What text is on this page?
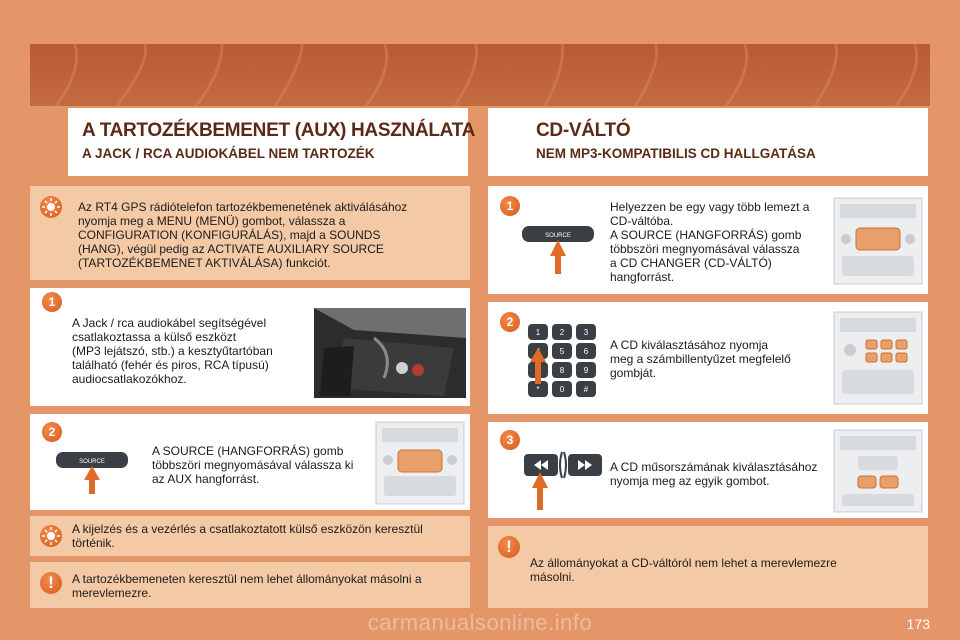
A TARTOZÉKBEMENET (AUX) HASZNÁLATA
A JACK / RCA AUDIOKÁBEL NEM TARTOZÉK
CD-VÁLTÓ
NEM MP3-KOMPATIBILIS CD HALLGATÁSA
Az RT4 GPS rádiótelefon tartozékbemenetének aktiválásához
nyomja meg a MENU (MENÜ) gombot, válassza a
CONFIGURATION (KONFIGURÁLÁS), majd a SOUNDS
(HANG), végül pedig az ACTIVATE AUXILIARY SOURCE
(TARTOZÉKBEMENET AKTIVÁLÁSA) funkciót.
1
A Jack / rca audiokábel segítségével
csatlakoztassa a külső eszközt
(MP3 lejátszó, stb.) a kesztyűtartóban
található (fehér és piros, RCA típusú)
audiocsatlakozókhoz.
2
SOURCE
A SOURCE (HANGFORRÁS) gomb
többszöri megnyomásával válassza ki
az AUX hangforrást.
A kijelzés és a vezérlés a csatlakoztatott külső eszközön keresztül
történik.
!	A tartozékbemeneten keresztül nem lehet állományokat másolni a
merevlemezre.
1
SOURCE
Helyezzen be egy vagy több lemezt a
CD-váltóba.
A SOURCE (HANGFORRÁS) gomb
többszöri megnyomásával válassza
a CD CHANGER (CD-VÁLTÓ)
hangforrást.
2
1 2 3
5 6
8 9
*	0 #
A CD kiválasztásához nyomja
meg a számbillentyűzet megfelelő
gombját.
3
A CD műsorszámának kiválasztásához
nyomja meg az egyik gombot.
!
Az állományokat a CD-váltóról nem lehet a merevlemezre
másolni.
173
carmanualsonline.info
